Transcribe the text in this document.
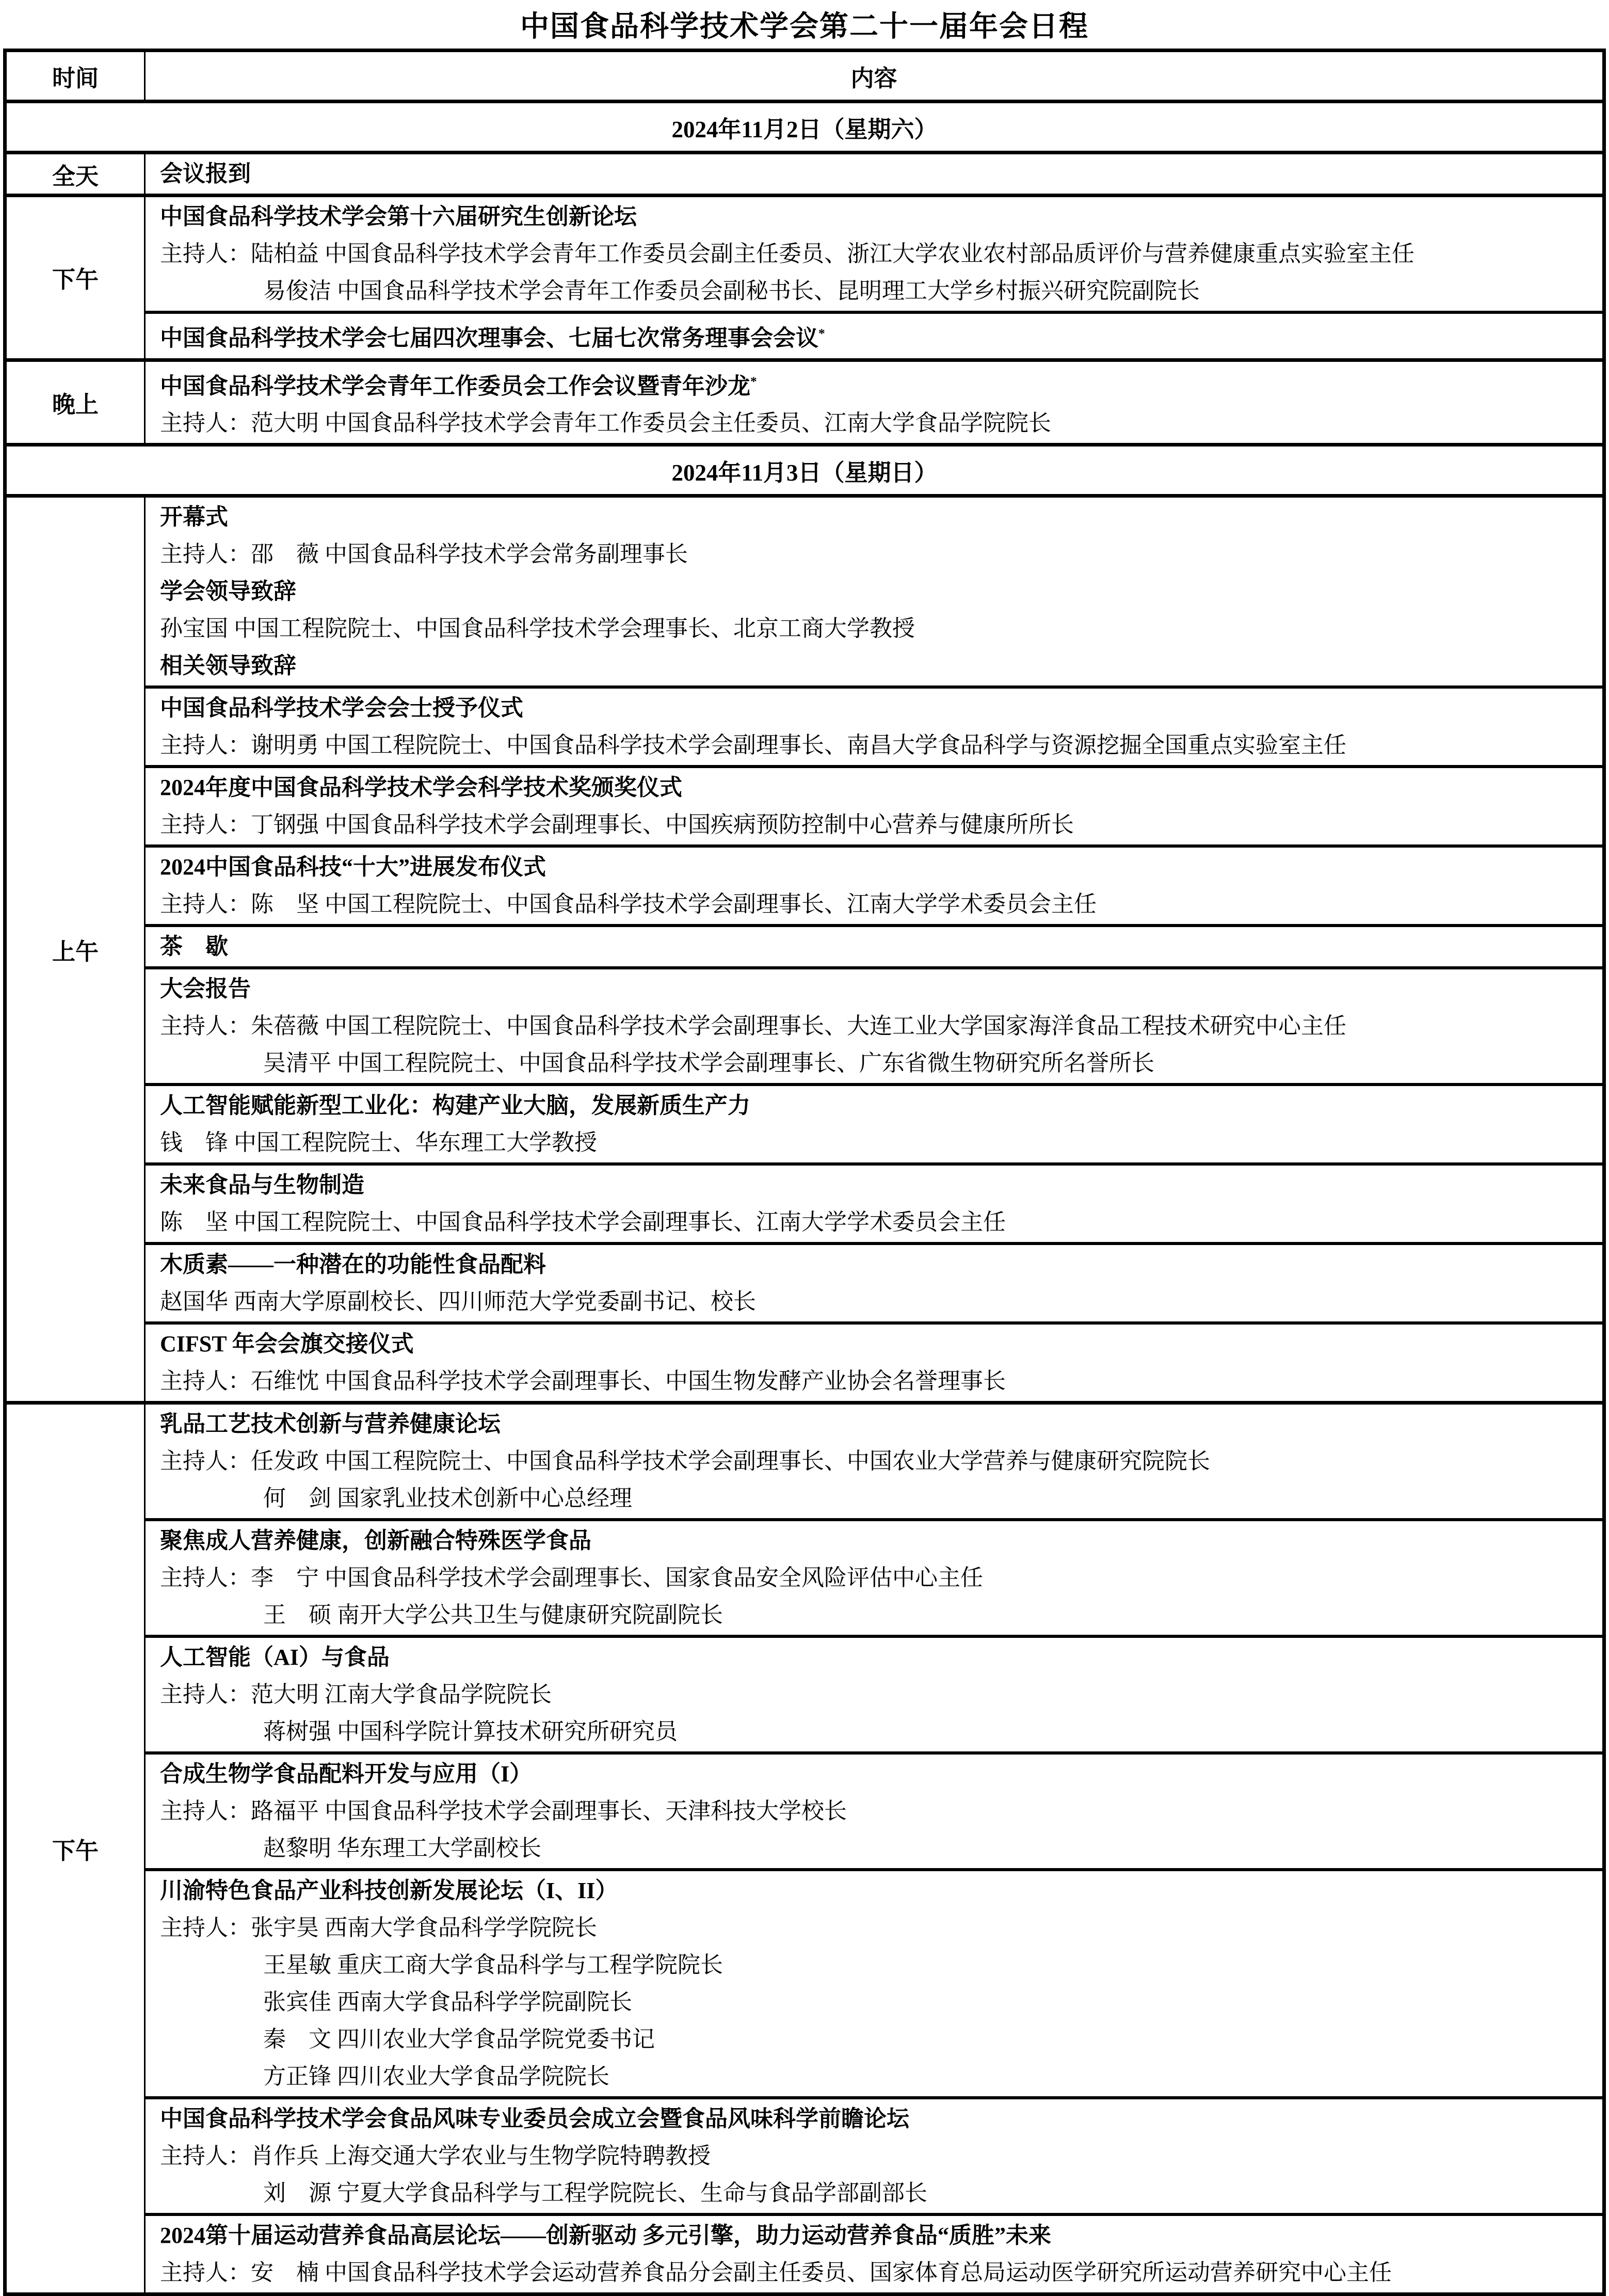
中国食品科学技术学会第二十一届年会日程
时间	内容
2024年11月2日（星期六）
全天	会议报到
下午
中国食品科学技术学会第十六届研究生创新论坛
主持人：陆柏益 中国食品科学技术学会青年工作委员会副主任委员、浙江大学农业农村部品质评价与营养健康重点实验室主任
易俊洁 中国食品科学技术学会青年工作委员会副秘书长、昆明理工大学乡村振兴研究院副院长
中国食品科学技术学会七届四次理事会、七届七次常务理事会会议*
晚上
中国食品科学技术学会青年工作委员会工作会议暨青年沙龙*
主持人：范大明 中国食品科学技术学会青年工作委员会主任委员、江南大学食品学院院长
2024年11月3日（星期日）
上午
开幕式
主持人：邵　薇 中国食品科学技术学会常务副理事长
学会领导致辞
孙宝国 中国工程院院士、中国食品科学技术学会理事长、北京工商大学教授
相关领导致辞
中国食品科学技术学会会士授予仪式
主持人：谢明勇 中国工程院院士、中国食品科学技术学会副理事长、南昌大学食品科学与资源挖掘全国重点实验室主任
2024年度中国食品科学技术学会科学技术奖颁奖仪式
主持人：丁钢强 中国食品科学技术学会副理事长、中国疾病预防控制中心营养与健康所所长
2024中国食品科技“十大”进展发布仪式
主持人：陈　坚 中国工程院院士、中国食品科学技术学会副理事长、江南大学学术委员会主任
茶　歇
大会报告
主持人：朱蓓薇 中国工程院院士、中国食品科学技术学会副理事长、大连工业大学国家海洋食品工程技术研究中心主任
吴清平 中国工程院院士、中国食品科学技术学会副理事长、广东省微生物研究所名誉所长
人工智能赋能新型工业化：构建产业大脑，发展新质生产力
钱　锋 中国工程院院士、华东理工大学教授
未来食品与生物制造
陈　坚 中国工程院院士、中国食品科学技术学会副理事长、江南大学学术委员会主任
木质素——一种潜在的功能性食品配料
赵国华 西南大学原副校长、四川师范大学党委副书记、校长
CIFST 年会会旗交接仪式
主持人：石维忱 中国食品科学技术学会副理事长、中国生物发酵产业协会名誉理事长
下午
乳品工艺技术创新与营养健康论坛
主持人：任发政 中国工程院院士、中国食品科学技术学会副理事长、中国农业大学营养与健康研究院院长
何　剑 国家乳业技术创新中心总经理
聚焦成人营养健康，创新融合特殊医学食品
主持人：李　宁 中国食品科学技术学会副理事长、国家食品安全风险评估中心主任
王　硕 南开大学公共卫生与健康研究院副院长
人工智能（AI）与食品
主持人：范大明 江南大学食品学院院长
蒋树强 中国科学院计算技术研究所研究员
合成生物学食品配料开发与应用（I）
主持人：路福平 中国食品科学技术学会副理事长、天津科技大学校长
赵黎明 华东理工大学副校长
川渝特色食品产业科技创新发展论坛（I、II）
主持人：张宇昊 西南大学食品科学学院院长
王星敏 重庆工商大学食品科学与工程学院院长
张宾佳 西南大学食品科学学院副院长
秦　文 四川农业大学食品学院党委书记
方正锋 四川农业大学食品学院院长
中国食品科学技术学会食品风味专业委员会成立会暨食品风味科学前瞻论坛
主持人：肖作兵 上海交通大学农业与生物学院特聘教授
刘　源 宁夏大学食品科学与工程学院院长、生命与食品学部副部长
2024第十届运动营养食品高层论坛——创新驱动 多元引擎，助力运动营养食品“质胜”未来
主持人：安　楠 中国食品科学技术学会运动营养食品分会副主任委员、国家体育总局运动医学研究所运动营养研究中心主任
